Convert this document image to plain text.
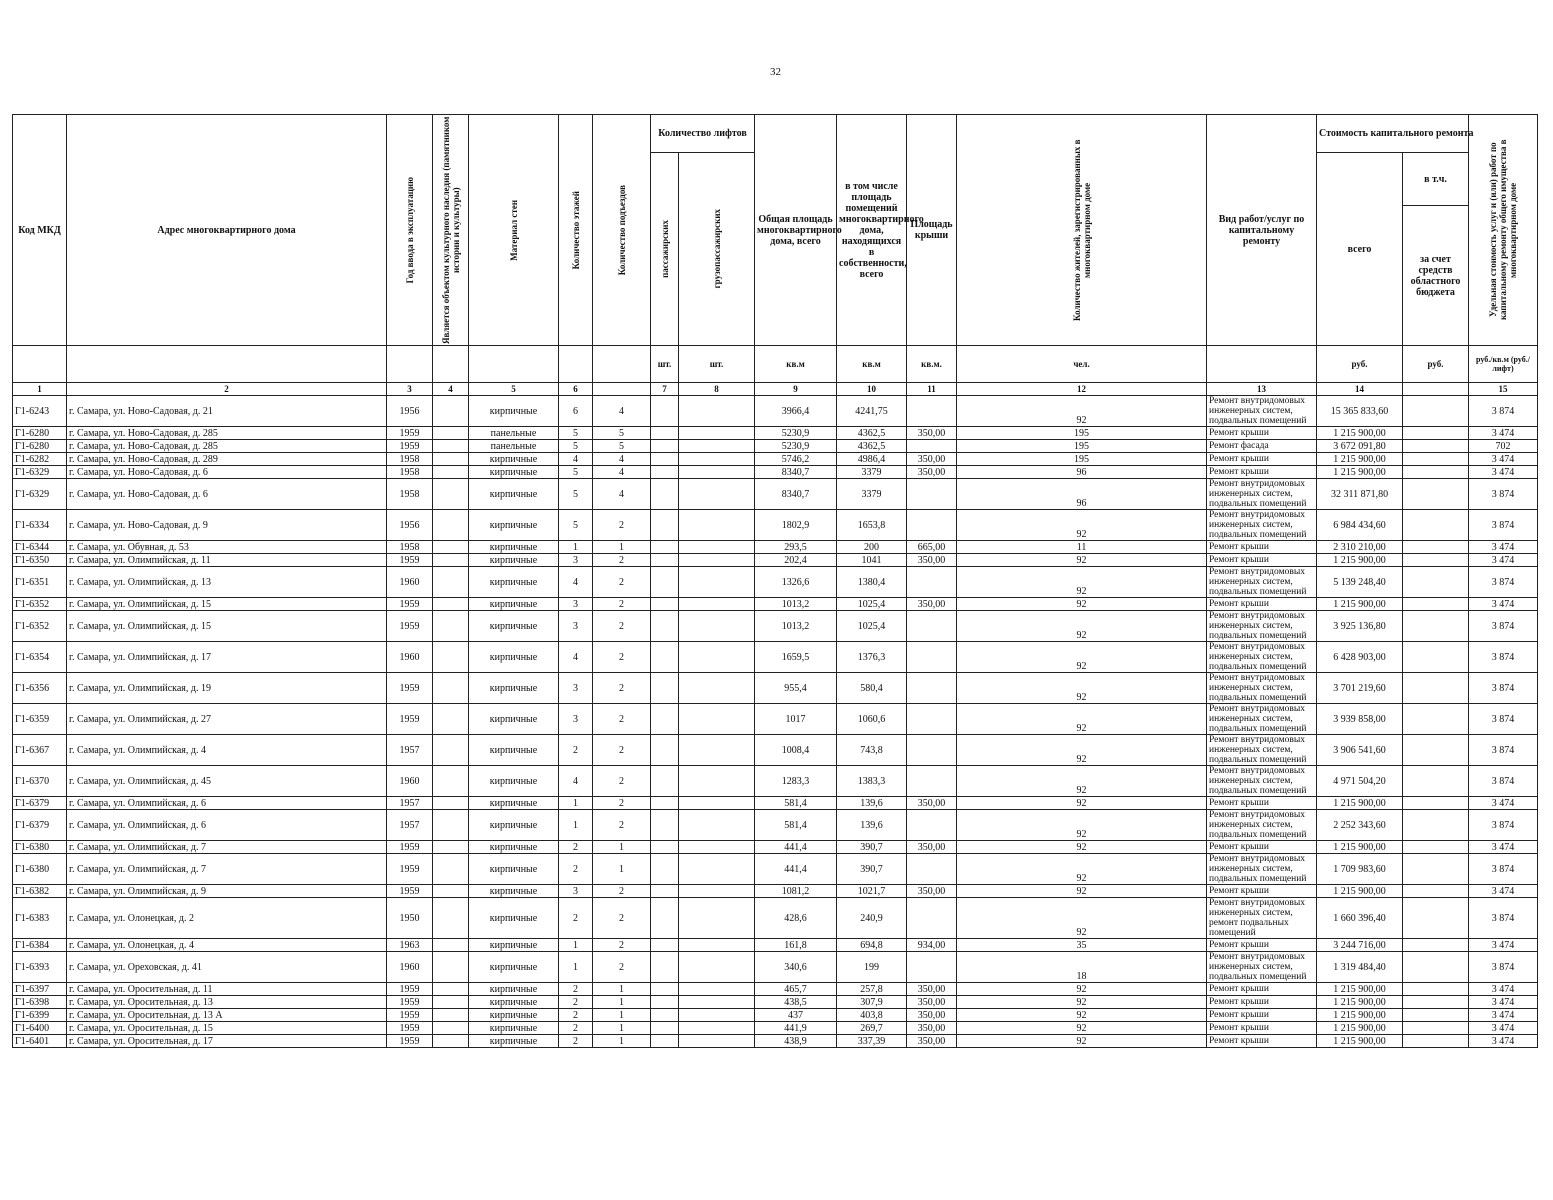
32
Код МКД	Адрес многоквартирного дома	Год ввода в эксплуатацию	Является объектом культурного наследия (памятником истории и культуры)	Материал стен	Количество этажей	Количество подъездов	Количество лифтов		Общая площадь многоквартирного дома, всего	в том числе площадь помещений многоквартирного дома, находящихся в собственности, всего	Площадь крыши	Количество жителей, зарегистрированных в многоквартирном доме	Вид работ/услуг по капитальному ремонту	Стоимость капитального ремонта		Удельная стоимость услуг и (или) работ по капитальному ремонту общего имущества в многоквартирном доме

							пассажирских	грузопассажирских						всего	в т.ч.		
															за счет средств областного бюджета		
							шт.	шт.	кв.м	кв.м	кв.м.	чел.		руб.	руб.	руб./кв.м (руб./лифт)	
1	2	3	4	5	6		7	8	9	10	11	12	13	14		15	
Г1-6243	г. Самара, ул. Ново-Садовая, д. 21	1956		кирпичные	6	4			3966,4	4241,75		92	Ремонт внутридомовых инженерных систем, подвальных помещений	15 365 833,60		3 874	
Г1-6280	г. Самара, ул. Ново-Садовая, д. 285	1959		панельные	5	5			5230,9	4362,5	350,00	195	Ремонт крыши	1 215 900,00		3 474	
Г1-6280	г. Самара, ул. Ново-Садовая, д. 285	1959		панельные	5	5			5230,9	4362,5		195	Ремонт фасада	3 672 091,80		702	
Г1-6282	г. Самара, ул. Ново-Садовая, д. 289	1958		кирпичные	4	4			5746,2	4986,4	350,00	195	Ремонт крыши	1 215 900,00		3 474	
Г1-6329	г. Самара, ул. Ново-Садовая, д. 6	1958		кирпичные	5	4			8340,7	3379	350,00	96	Ремонт крыши	1 215 900,00		3 474	
Г1-6329	г. Самара, ул. Ново-Садовая, д. 6	1958		кирпичные	5	4			8340,7	3379		96	Ремонт внутридомовых инженерных систем, подвальных помещений	32 311 871,80		3 874	
Г1-6334	г. Самара, ул. Ново-Садовая, д. 9	1956		кирпичные	5	2			1802,9	1653,8		92	Ремонт внутридомовых инженерных систем, подвальных помещений	6 984 434,60		3 874	
Г1-6344	г. Самара, ул. Обувная, д. 53	1958		кирпичные	1	1			293,5	200	665,00	11	Ремонт крыши	2 310 210,00		3 474	
Г1-6350	г. Самара, ул. Олимпийская, д. 11	1959		кирпичные	3	2			202,4	1041	350,00	92	Ремонт крыши	1 215 900,00		3 474	
Г1-6351	г. Самара, ул. Олимпийская, д. 13	1960		кирпичные	4	2			1326,6	1380,4		92	Ремонт внутридомовых инженерных систем, подвальных помещений	5 139 248,40		3 874	
Г1-6352	г. Самара, ул. Олимпийская, д. 15	1959		кирпичные	3	2			1013,2	1025,4	350,00	92	Ремонт крыши	1 215 900,00		3 474	
Г1-6352	г. Самара, ул. Олимпийская, д. 15	1959		кирпичные	3	2			1013,2	1025,4		92	Ремонт внутридомовых инженерных систем, подвальных помещений	3 925 136,80		3 874	
Г1-6354	г. Самара, ул. Олимпийская, д. 17	1960		кирпичные	4	2			1659,5	1376,3		92	Ремонт внутридомовых инженерных систем, подвальных помещений	6 428 903,00		3 874	
Г1-6356	г. Самара, ул. Олимпийская, д. 19	1959		кирпичные	3	2			955,4	580,4		92	Ремонт внутридомовых инженерных систем, подвальных помещений	3 701 219,60		3 874	
Г1-6359	г. Самара, ул. Олимпийская, д. 27	1959		кирпичные	3	2			1017	1060,6		92	Ремонт внутридомовых инженерных систем, подвальных помещений	3 939 858,00		3 874	
Г1-6367	г. Самара, ул. Олимпийская, д. 4	1957		кирпичные	2	2			1008,4	743,8		92	Ремонт внутридомовых инженерных систем, подвальных помещений	3 906 541,60		3 874	
Г1-6370	г. Самара, ул. Олимпийская, д. 45	1960		кирпичные	4	2			1283,3	1383,3		92	Ремонт внутридомовых инженерных систем, подвальных помещений	4 971 504,20		3 874	
Г1-6379	г. Самара, ул. Олимпийская, д. 6	1957		кирпичные	1	2			581,4	139,6	350,00	92	Ремонт крыши	1 215 900,00		3 474	
Г1-6379	г. Самара, ул. Олимпийская, д. 6	1957		кирпичные	1	2			581,4	139,6		92	Ремонт внутридомовых инженерных систем, подвальных помещений	2 252 343,60		3 874	
Г1-6380	г. Самара, ул. Олимпийская, д. 7	1959		кирпичные	2	1			441,4	390,7	350,00	92	Ремонт крыши	1 215 900,00		3 474	
Г1-6380	г. Самара, ул. Олимпийская, д. 7	1959		кирпичные	2	1			441,4	390,7		92	Ремонт внутридомовых инженерных систем, подвальных помещений	1 709 983,60		3 874	
Г1-6382	г. Самара, ул. Олимпийская, д. 9	1959		кирпичные	3	2			1081,2	1021,7	350,00	92	Ремонт крыши	1 215 900,00		3 474	
Г1-6383	г. Самара, ул. Олонецкая, д. 2	1950		кирпичные	2	2			428,6	240,9		92	Ремонт внутридомовых инженерных систем, ремонт подвальных помещений	1 660 396,40		3 874	
Г1-6384	г. Самара, ул. Олонецкая, д. 4	1963		кирпичные	1	2			161,8	694,8	934,00	35	Ремонт крыши	3 244 716,00		3 474	
Г1-6393	г. Самара, ул. Ореховская, д. 41	1960		кирпичные	1	2			340,6	199		18	Ремонт внутридомовых инженерных систем, подвальных помещений	1 319 484,40		3 874	
Г1-6397	г. Самара, ул. Оросительная, д. 11	1959		кирпичные	2	1			465,7	257,8	350,00	92	Ремонт крыши	1 215 900,00		3 474	
Г1-6398	г. Самара, ул. Оросительная, д. 13	1959		кирпичные	2	1			438,5	307,9	350,00	92	Ремонт крыши	1 215 900,00		3 474	
Г1-6399	г. Самара, ул. Оросительная, д. 13 А	1959		кирпичные	2	1			437	403,8	350,00	92	Ремонт крыши	1 215 900,00		3 474	
Г1-6400	г. Самара, ул. Оросительная, д. 15	1959		кирпичные	2	1			441,9	269,7	350,00	92	Ремонт крыши	1 215 900,00		3 474	
Г1-6401	г. Самара, ул. Оросительная, д. 17	1959		кирпичные	2	1			438,9	337,39	350,00	92	Ремонт крыши	1 215 900,00		3 474	
